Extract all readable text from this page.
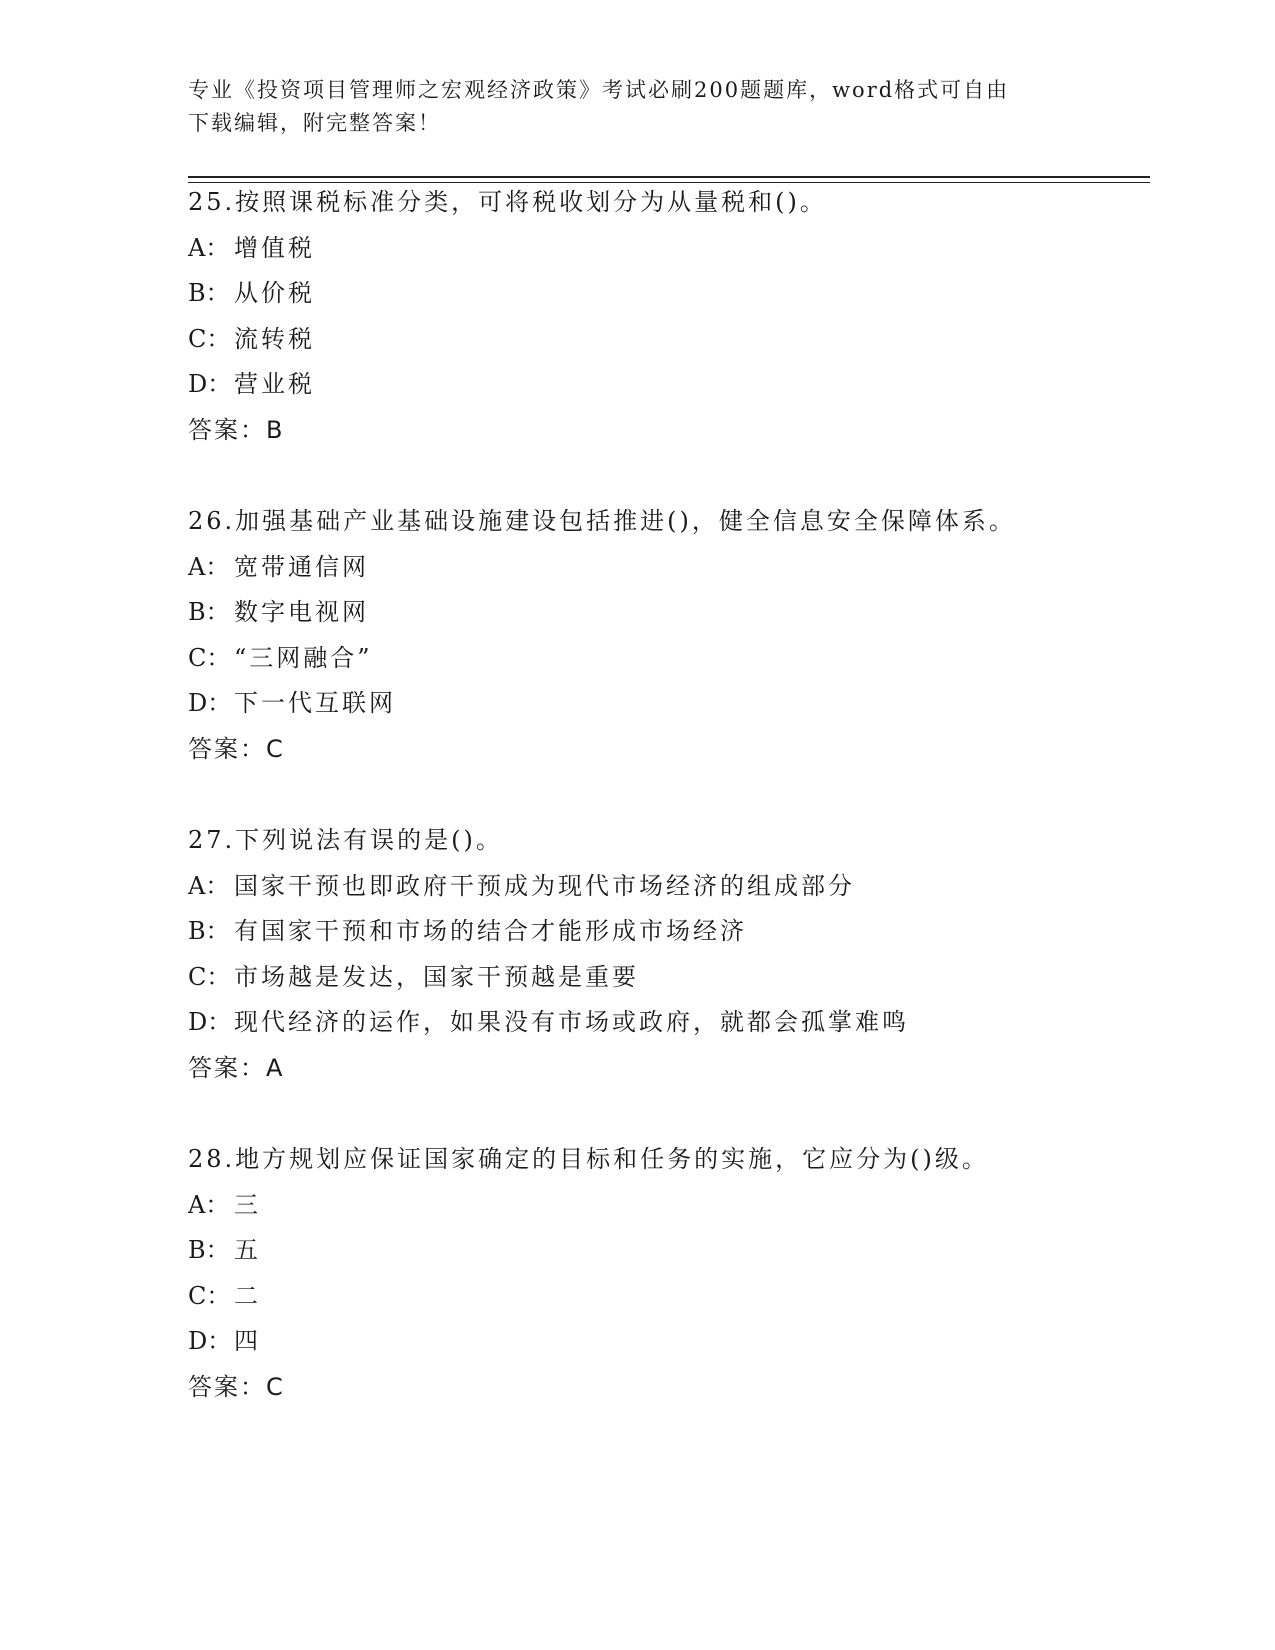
专业《投资项目管理师之宏观经济政策》考试必刷200题题库，word格式可自由
下载编辑，附完整答案！
25.按照课税标准分类，可将税收划分为从量税和()。
A： 增值税
B： 从价税
C： 流转税
D： 营业税
答案：B
26.加强基础产业基础设施建设包括推进()，健全信息安全保障体系。
A： 宽带通信网
B： 数字电视网
C： “三网融合”
D： 下一代互联网
答案：C
27.下列说法有误的是()。
A： 国家干预也即政府干预成为现代市场经济的组成部分
B： 有国家干预和市场的结合才能形成市场经济
C： 市场越是发达，国家干预越是重要
D： 现代经济的运作，如果没有市场或政府，就都会孤掌难鸣
答案：A
28.地方规划应保证国家确定的目标和任务的实施，它应分为()级。
A： 三
B： 五
C： 二
D： 四
答案：C
